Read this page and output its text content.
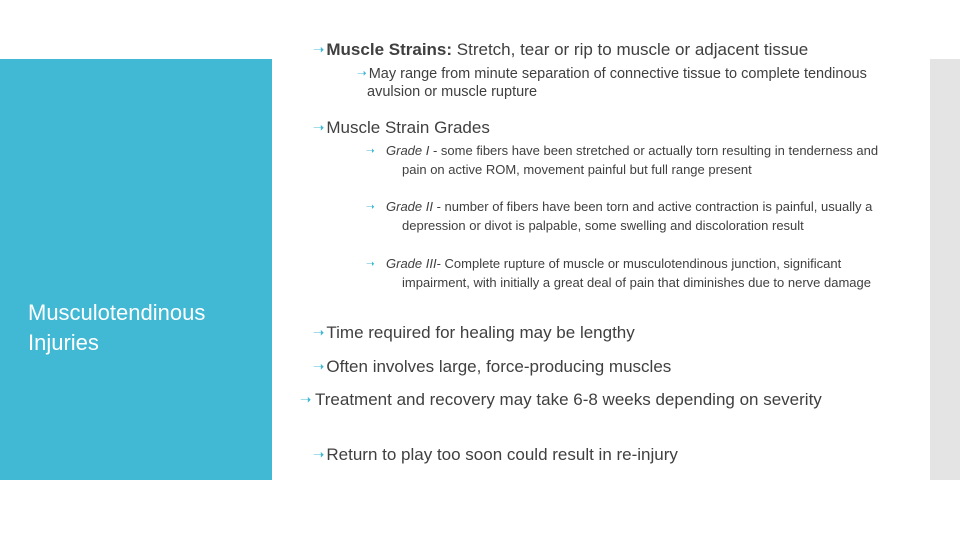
Musculotendinous Injuries
➝ Muscle Strains: Stretch, tear or rip to muscle or adjacent tissue
➝ May range from minute separation of connective tissue to complete tendinous avulsion or muscle rupture
➝ Muscle Strain Grades
➝ Grade I - some fibers have been stretched or actually torn resulting in tenderness and pain on active ROM, movement painful but full range present
➝ Grade II - number of fibers have been torn and active contraction is painful, usually a depression or divot is palpable, some swelling and discoloration result
➝ Grade III- Complete rupture of muscle or musculotendinous junction, significant impairment, with initially a great deal of pain that diminishes due to nerve damage
➝ Time required for healing may be lengthy
➝ Often involves large, force-producing muscles
➝ Treatment and recovery may take 6-8 weeks depending on severity
➝ Return to play too soon could result in re-injury
